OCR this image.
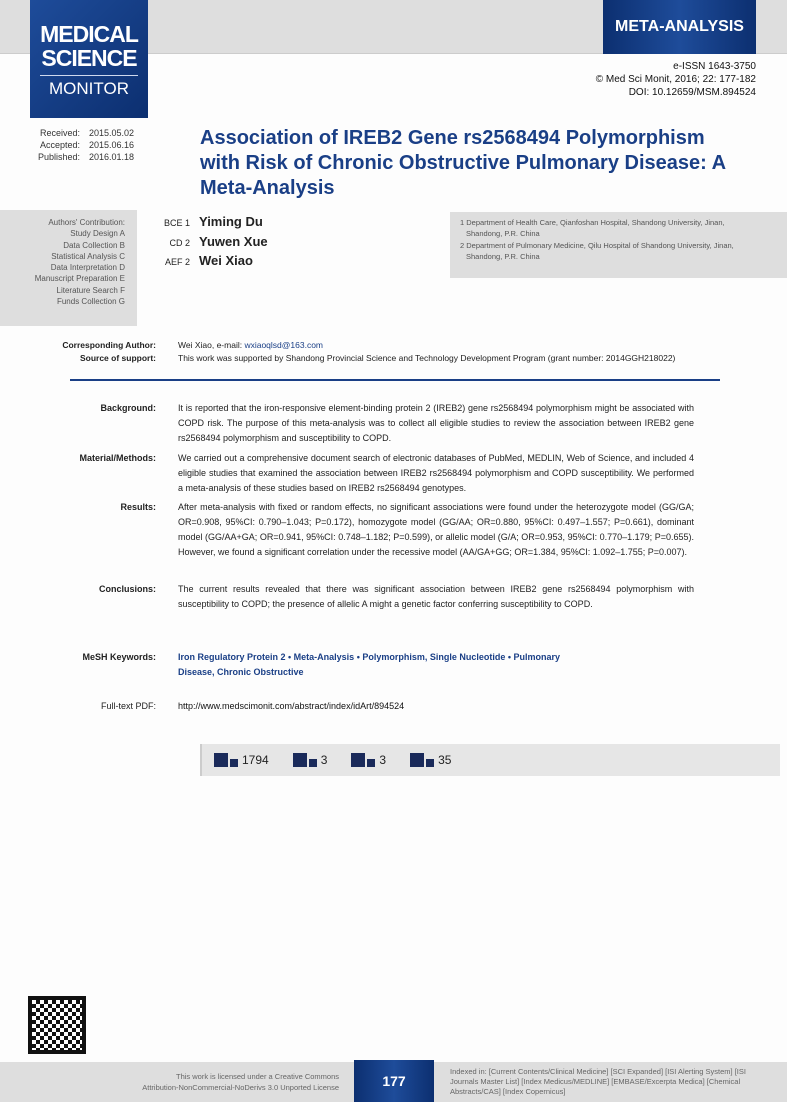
MEDICAL
SCIENCE
MONITOR
META-ANALYSIS
e-ISSN 1643-3750
© Med Sci Monit, 2016; 22: 177-182
DOI: 10.12659/MSM.894524
Received: 2015.05.02
Accepted: 2015.06.16
Published: 2016.01.18
Association of IREB2 Gene rs2568494 Polymorphism with Risk of Chronic Obstructive Pulmonary Disease: A Meta-Analysis
Authors' Contribution:
Study Design A
Data Collection B
Statistical Analysis C
Data Interpretation D
Manuscript Preparation E
Literature Search F
Funds Collection G
BCE 1 Yiming Du
CD 2 Yuwen Xue
AEF 2 Wei Xiao
1 Department of Health Care, Qianfoshan Hospital, Shandong University, Jinan,
Shandong, P.R. China
2 Department of Pulmonary Medicine, Qilu Hospital of Shandong University, Jinan,
Shandong, P.R. China
Corresponding Author:	Wei Xiao, e-mail: wxiaoqlsd@163.com
Source of support:	This work was supported by Shandong Provincial Science and Technology Development Program (grant number: 2014GGH218022)
Background:	It is reported that the iron-responsive element-binding protein 2 (IREB2) gene rs2568494 polymorphism might be associated with COPD risk. The purpose of this meta-analysis was to collect all eligible studies to review the association between IREB2 gene rs2568494 polymorphism and susceptibility to COPD.
Material/Methods:	We carried out a comprehensive document search of electronic databases of PubMed, MEDLIN, Web of Science, and included 4 eligible studies that examined the association between IREB2 rs2568494 polymorphism and COPD susceptibility. We performed a meta-analysis of these studies based on IREB2 rs2568494 genotypes.
Results:	After meta-analysis with fixed or random effects, no significant associations were found under the heterozygote model (GG/GA; OR=0.908, 95%CI: 0.790–1.043; P=0.172), homozygote model (GG/AA; OR=0.880, 95%CI: 0.497–1.557; P=0.661), dominant model (GG/AA+GA; OR=0.941, 95%CI: 0.748–1.182; P=0.599), or allelic model (G/A; OR=0.953, 95%CI: 0.770–1.179; P=0.655). However, we found a significant correlation under the recessive model (AA/GA+GG; OR=1.384, 95%CI: 1.092–1.755; P=0.007).
Conclusions:	The current results revealed that there was significant association between IREB2 gene rs2568494 polymorphism with susceptibility to COPD; the presence of allelic A might a genetic factor conferring susceptibility to COPD.
MeSH Keywords:	Iron Regulatory Protein 2 • Meta-Analysis • Polymorphism, Single Nucleotide • Pulmonary Disease, Chronic Obstructive
Full-text PDF:	http://www.medscimonit.com/abstract/index/idArt/894524
1794	3	3	35
This work is licensed under a Creative Commons
Attribution-NonCommercial-NoDerivs 3.0 Unported License	177
Indexed in: [Current Contents/Clinical Medicine] [SCI Expanded] [ISI Alerting System] [ISI Journals Master List] [Index Medicus/MEDLINE] [EMBASE/Excerpta Medica] [Chemical Abstracts/CAS] [Index Copernicus]
